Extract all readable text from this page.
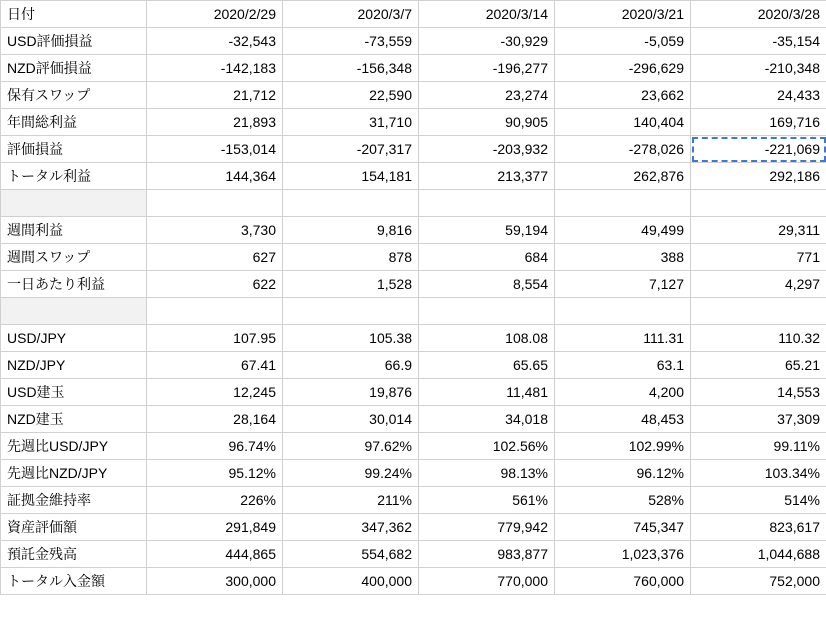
日付	2020/2/29	2020/3/7	2020/3/14	2020/3/21	2020/3/28
USD評価損益	-32,543	-73,559	-30,929	-5,059	-35,154
NZD評価損益	-142,183	-156,348	-196,277	-296,629	-210,348
保有スワップ	21,712	22,590	23,274	23,662	24,433
年間総利益	21,893	31,710	90,905	140,404	169,716
評価損益	-153,014	-207,317	-203,932	-278,026	-221,069
トータル利益	144,364	154,181	213,377	262,876	292,186

週間利益	3,730	9,816	59,194	49,499	29,311
週間スワップ	627	878	684	388	771
一日あたり利益	622	1,528	8,554	7,127	4,297

USD/JPY	107.95	105.38	108.08	111.31	110.32
NZD/JPY	67.41	66.9	65.65	63.1	65.21
USD建玉	12,245	19,876	11,481	4,200	14,553
NZD建玉	28,164	30,014	34,018	48,453	37,309
先週比USD/JPY	96.74%	97.62%	102.56%	102.99%	99.11%
先週比NZD/JPY	95.12%	99.24%	98.13%	96.12%	103.34%
証拠金維持率	226%	211%	561%	528%	514%
資産評価額	291,849	347,362	779,942	745,347	823,617
預託金残高	444,865	554,682	983,877	1,023,376	1,044,688
トータル入金額	300,000	400,000	770,000	760,000	752,000
